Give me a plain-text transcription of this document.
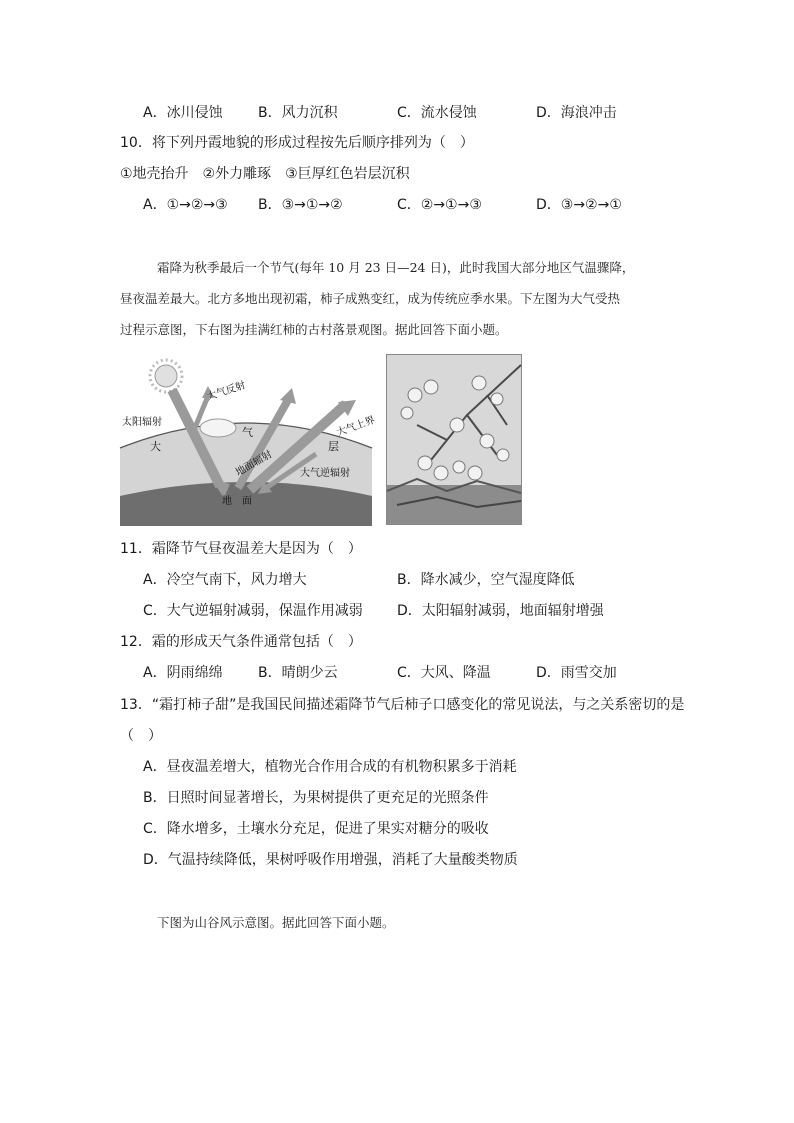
A．冰川侵蚀	B．风力沉积	C．流水侵蚀	D．海浪冲击
10．将下列丹霞地貌的形成过程按先后顺序排列为（　）
①地壳抬升　②外力雕琢　③巨厚红色岩层沉积
A．①→②→③ B．③→①→②	C．②→①→③	D．③→②→①
霜降为秋季最后一个节气(每年 10 月 23 日—24 日)，此时我国大部分地区气温骤降，
昼夜温差最大。北方多地出现初霜，柿子成熟变红，成为传统应季水果。下左图为大气受热
过程示意图，下右图为挂满红柿的古村落景观图。据此回答下面小题。
太阳辐射
大气反射
大
气
层
大气上界
地面辐射	大气逆辐射
地　面
11．霜降节气昼夜温差大是因为（　）
A．冷空气南下，风力增大	B．降水减少，空气湿度降低
C．大气逆辐射减弱，保温作用减弱 D．太阳辐射减弱，地面辐射增强
12．霜的形成天气条件通常包括（　）
A．阴雨绵绵	B．晴朗少云	C．大风、降温	D．雨雪交加
13．“霜打柿子甜”是我国民间描述霜降节气后柿子口感变化的常见说法，与之关系密切的是
（　）
A．昼夜温差增大，植物光合作用合成的有机物积累多于消耗
B．日照时间显著增长，为果树提供了更充足的光照条件
C．降水增多，土壤水分充足，促进了果实对糖分的吸收
D．气温持续降低，果树呼吸作用增强，消耗了大量酸类物质
下图为山谷风示意图。据此回答下面小题。
